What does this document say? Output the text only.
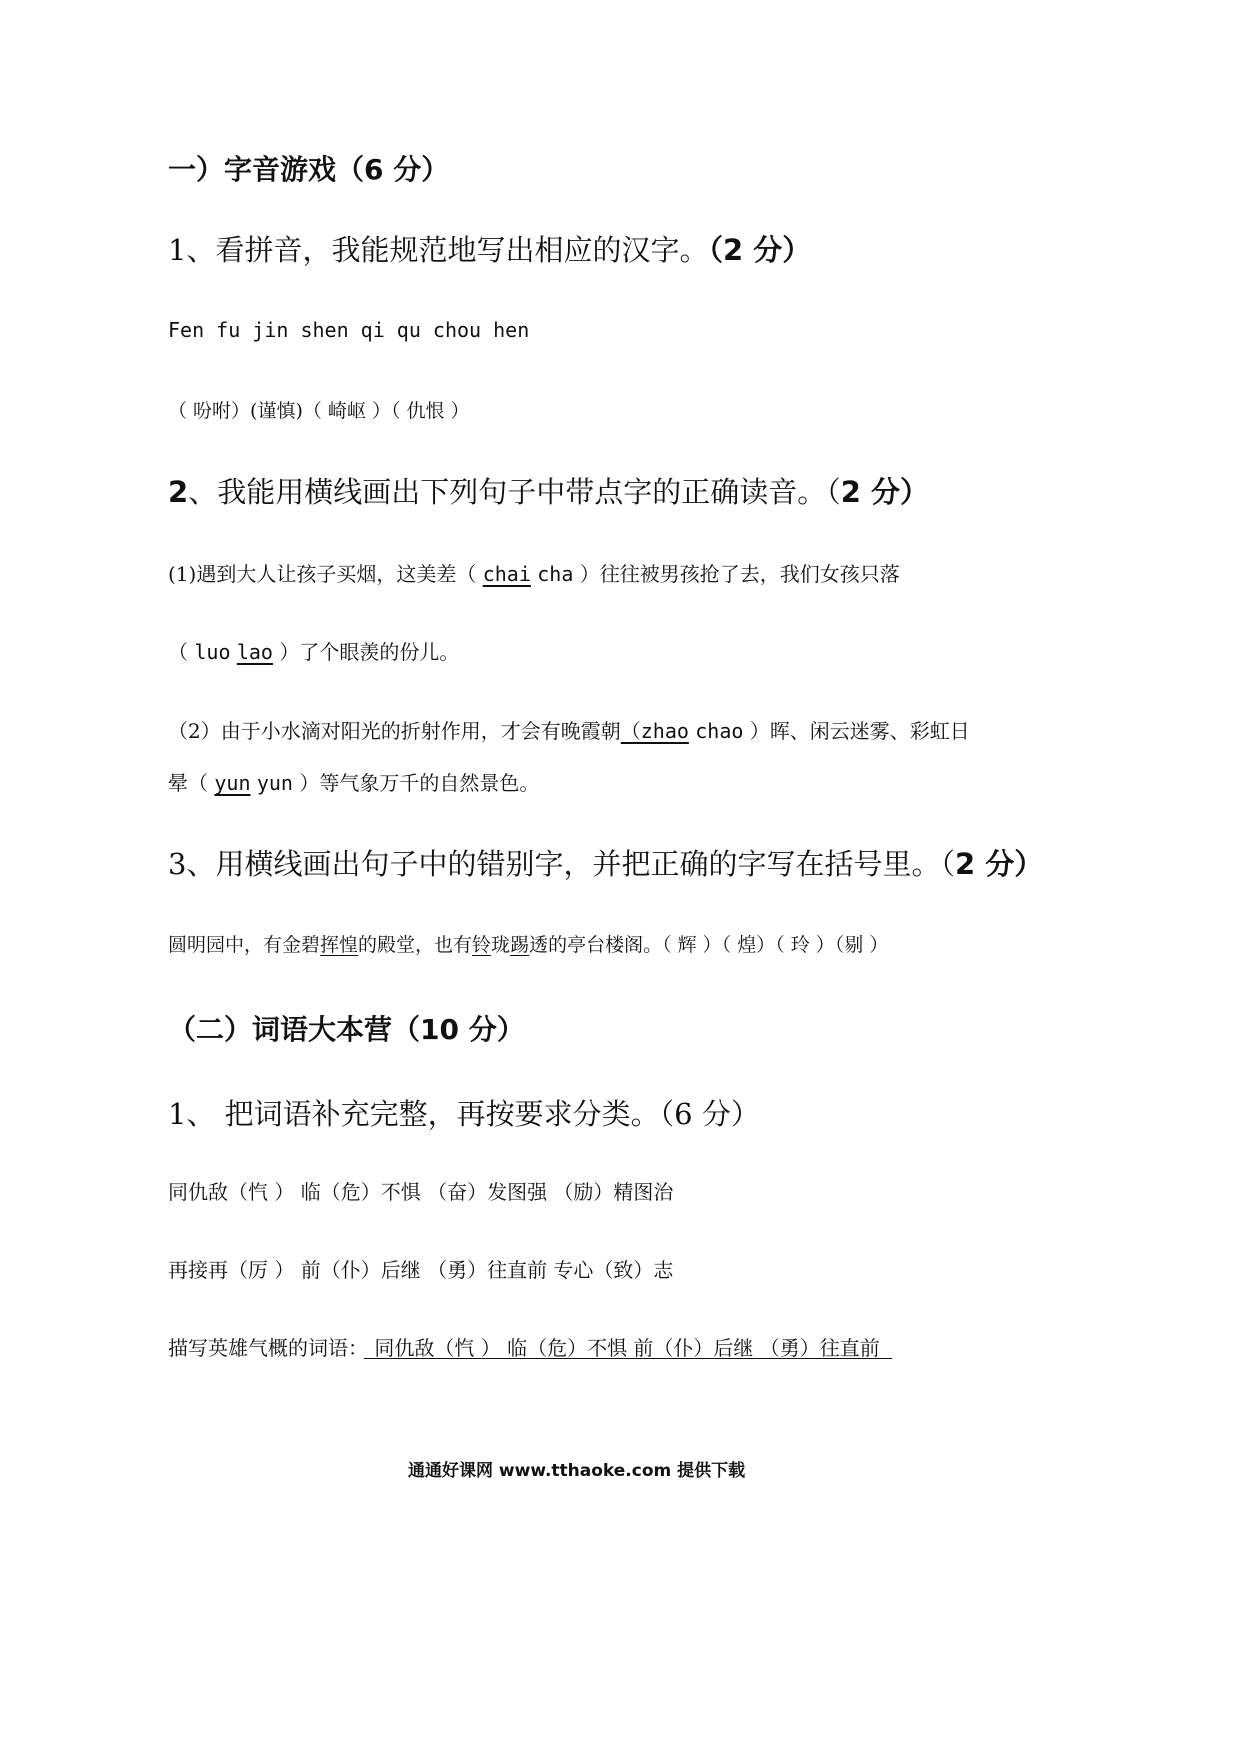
一）字音游戏（6 分）
1、看拼音，我能规范地写出相应的汉字。（2 分）
Fen fu jin shen qi qu chou hen
（ 吩咐）(谨慎)（ 崎岖 ）（ 仇恨 ）
2、我能用横线画出下列句子中带点字的正确读音。（2 分）
(1)遇到大人让孩子买烟，这美差（ chai cha ）往往被男孩抢了去，我们女孩只落
（ luo lao ）了个眼羡的份儿。
（2）由于小水滴对阳光的折射作用，才会有晚霞朝（zhao chao ）晖、闲云迷雾、彩虹日
晕（ yun yun ）等气象万千的自然景色。
3、用横线画出句子中的错别字，并把正确的字写在括号里。（2 分）
圆明园中，有金碧挥惶的殿堂，也有铃珑踢透的亭台楼阁。（ 辉 ）（ 煌）（ 玲 ）（剔 ）
（二）词语大本营（10 分）
1、 把词语补充完整，再按要求分类。（6 分）
同仇敌（忾 ） 临（危）不惧 （奋）发图强 （励）精图治
再接再（厉 ） 前（仆）后继 （勇）往直前 专心（致）志
描写英雄气概的词语： 同仇敌（忾 ） 临（危）不惧 前（仆）后继 （勇）往直前
通通好课网 www.tthaoke.com 提供下载
